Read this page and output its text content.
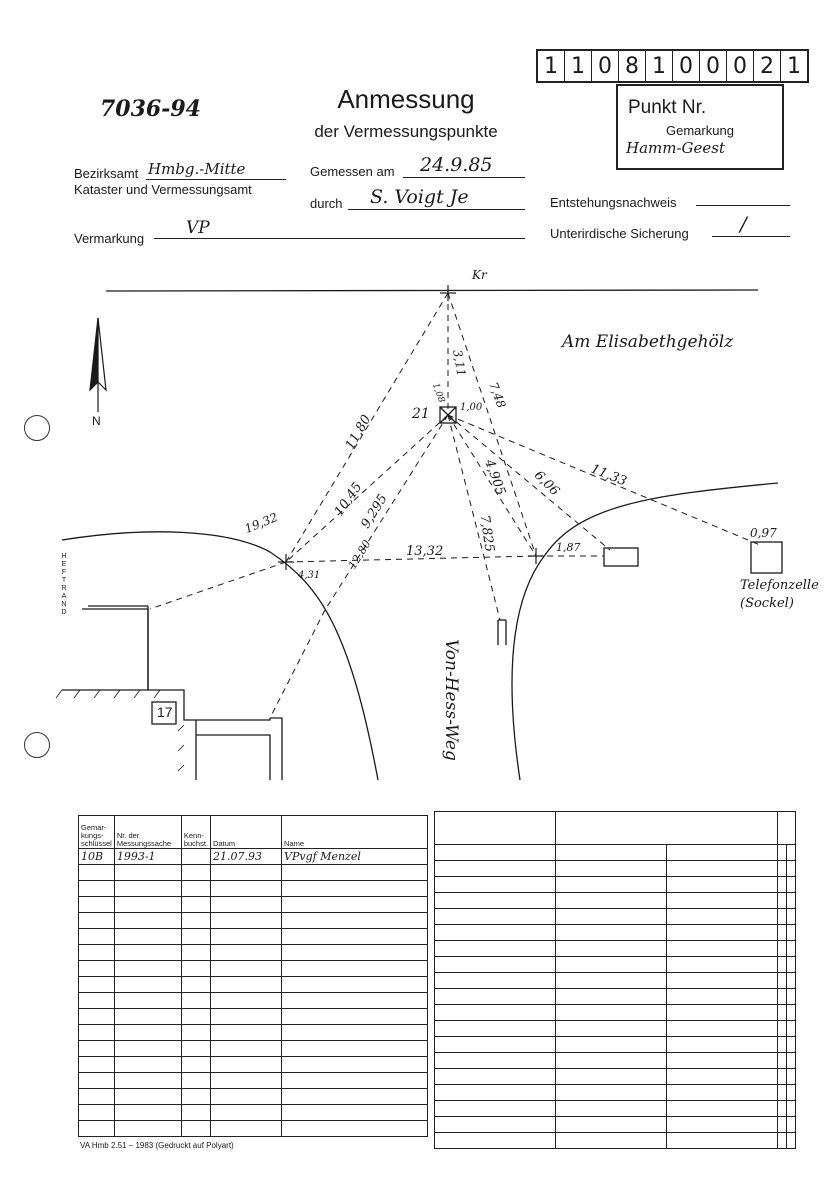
7036-94	Anmessung
der Vermessungspunkte
1 1 0 8 1 0 0 0 2 1
Punkt Nr.
Gemarkung
Hamm-Geest
Bezirksamt Hmbg.-Mitte
Kataster und Vermessungsamt
Gemessen am 24.9.85
durch S. Voigt Je	Entstehungsnachweis
Vermarkung
VP	Unterirdische Sicherung	/
Kr
Am Elisabethgehölz
Von-Hess-Weg
21
N
H
E
F
T
R
A
N
D
17
Telefonzelle
(Sockel)
3,11
7,48
1,00
1,08
11,80
10,45
9,295
12,80 13,32
4,905 6,06 11,33
7,825
19,32
4,31
1,87
0,97
Gemar-kungs-schlüssel	Nr. der Messungssache	Kenn-buchst.	Datum	Name
10B	1993-1		21.07.93	VPvgf Menzel

VA Hmb 2.51 – 1983 (Gedruckt auf Polyart)
